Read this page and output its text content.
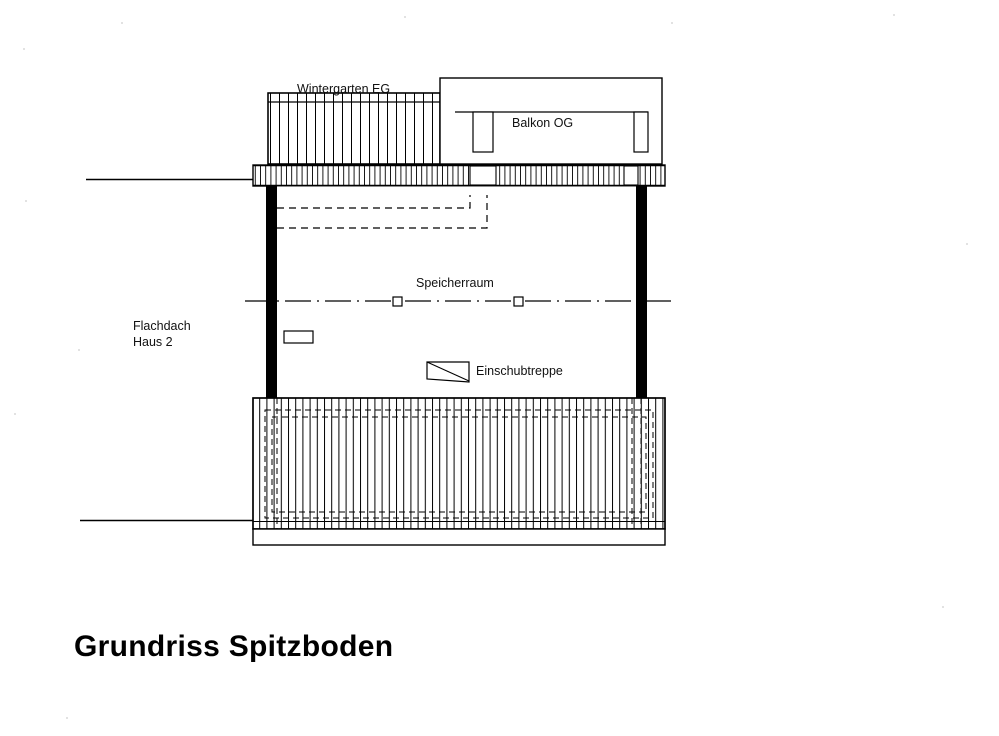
Wintergarten EG
Balkon OG
Speicherraum
Flachdach
Haus 2
Einschubtreppe
Grundriss Spitzboden
